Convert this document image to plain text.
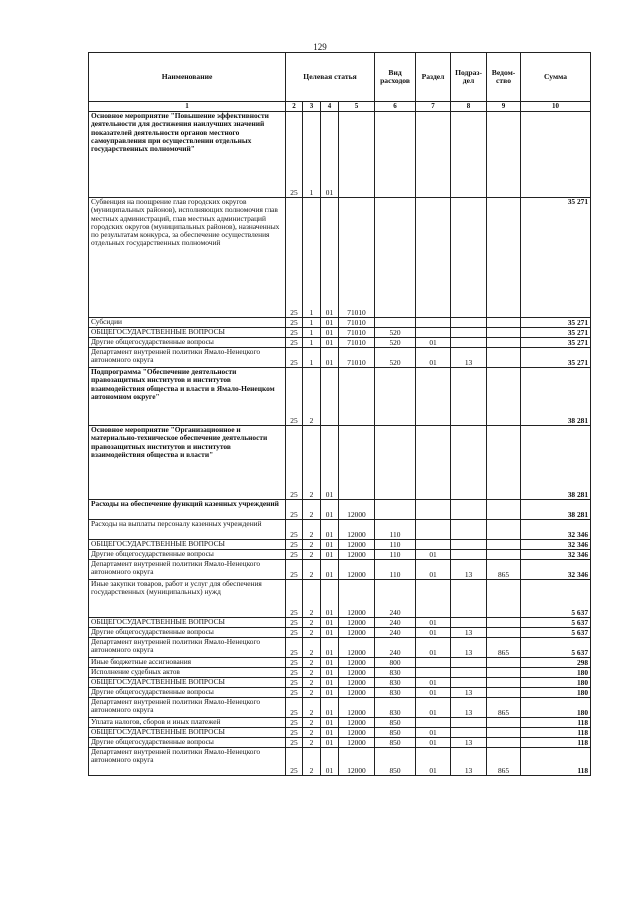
129
Наименование	Целевая статья				Вид расходов	Раздел	Подраз-дел	Ведом-ство	Сумма
1	2	3	4	5	6	7	8	9	10
Основное мероприятие "Повышение эффективности деятельности для достижения наилучших значений показателей деятельности органов местного самоуправления при осуществлении отдельных государственных полномочий"	25	1	01						
Субвенция на поощрение глав городских округов (муниципальных районов), исполняющих полномочия глав местных администраций, глав местных администраций городских округов (муниципальных районов), назначенных по результатам конкурса, за обеспечение осуществления отдельных государственных полномочий	25	1	01	71010					35 271
Субсидии	25	1	01	71010					35 271
ОБЩЕГОСУДАРСТВЕННЫЕ ВОПРОСЫ	25	1	01	71010	520				35 271
Другие общегосударственные вопросы	25	1	01	71010	520	01			35 271
Департамент внутренней политики Ямало-Ненецкого автономного округа	25	1	01	71010	520	01	13		35 271
Подпрограмма "Обеспечение деятельности правозащитных институтов и институтов взаимодействия общества и власти в Ямало-Ненецком автономном округе"	25	2							38 281
Основное мероприятие "Организационное и материально-техническое обеспечение деятельности правозащитных институтов и институтов взаимодействия общества и власти"	25	2	01						38 281
Расходы на обеспечение функций казенных учреждений	25	2	01	12000					38 281
Расходы на выплаты персоналу казенных учреждений	25	2	01	12000	110				32 346
ОБЩЕГОСУДАРСТВЕННЫЕ ВОПРОСЫ	25	2	01	12000	110				32 346
Другие общегосударственные вопросы	25	2	01	12000	110	01			32 346
Департамент внутренней политики Ямало-Ненецкого автономного округа	25	2	01	12000	110	01	13	865	32 346
Иные закупки товаров, работ и услуг для обеспечения государственных (муниципальных) нужд	25	2	01	12000	240				5 637
ОБЩЕГОСУДАРСТВЕННЫЕ ВОПРОСЫ	25	2	01	12000	240	01			5 637
Другие общегосударственные вопросы	25	2	01	12000	240	01	13		5 637
Департамент внутренней политики Ямало-Ненецкого автономного округа	25	2	01	12000	240	01	13	865	5 637
Иные бюджетные ассигнования	25	2	01	12000	800				298
Исполнение судебных актов	25	2	01	12000	830				180
ОБЩЕГОСУДАРСТВЕННЫЕ ВОПРОСЫ	25	2	01	12000	830	01			180
Другие общегосударственные вопросы	25	2	01	12000	830	01	13		180
Департамент внутренней политики Ямало-Ненецкого автономного округа	25	2	01	12000	830	01	13	865	180
Уплата налогов, сборов и иных платежей	25	2	01	12000	850				118
ОБЩЕГОСУДАРСТВЕННЫЕ ВОПРОСЫ	25	2	01	12000	850	01			118
Другие общегосударственные вопросы	25	2	01	12000	850	01	13		118
Департамент внутренней политики Ямало-Ненецкого автономного округа	25	2	01	12000	850	01	13	865	118
